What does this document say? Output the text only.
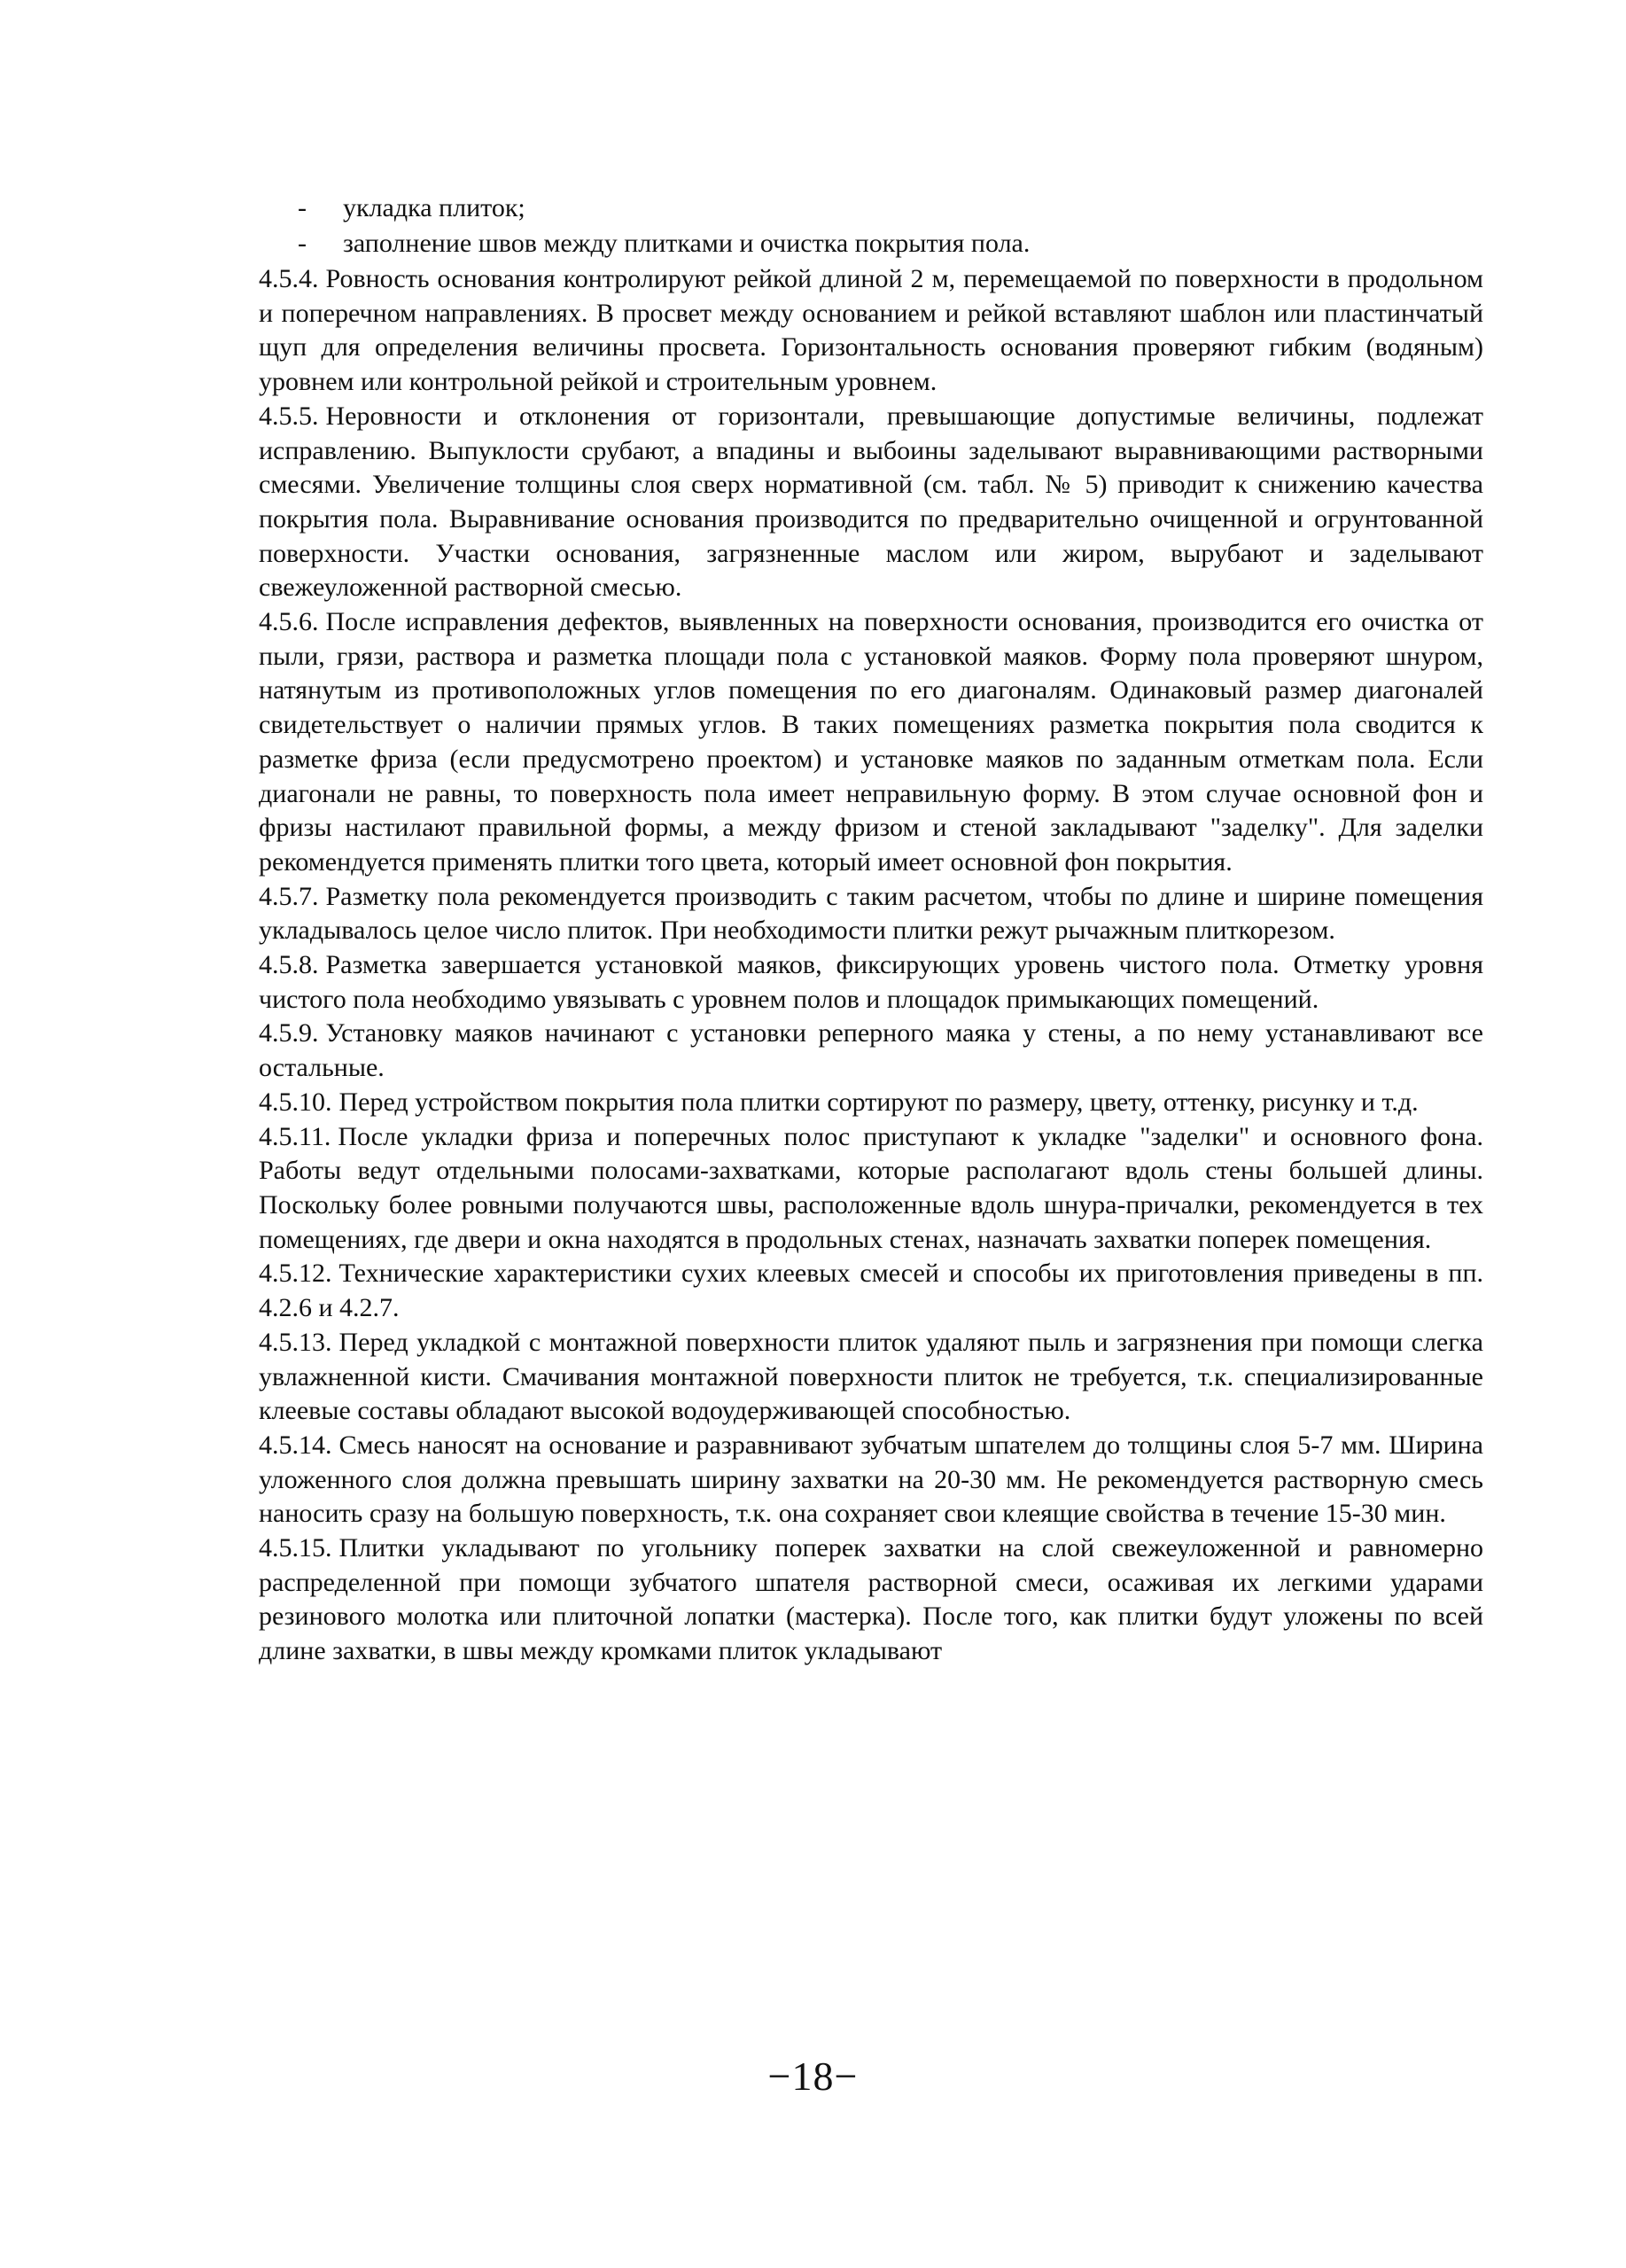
- укладка плиток;
- заполнение швов между плитками и очистка покрытия пола.

4.5.4. Ровность основания контролируют рейкой длиной 2 м, перемещаемой по поверхности в продольном и поперечном направлениях. В просвет между основанием и рейкой вставляют шаблон или пластинчатый щуп для определения величины просвета. Горизонтальность основания проверяют гибким (водяным) уровнем или контрольной рейкой и строительным уровнем.

4.5.5. Неровности и отклонения от горизонтали, превышающие допустимые величины, подлежат исправлению. Выпуклости срубают, а впадины и выбоины заделывают выравнивающими растворными смесями. Увеличение толщины слоя сверх нормативной (см. табл. № 5) приводит к снижению качества покрытия пола. Выравнивание основания производится по предварительно очищенной и огрунтованной поверхности. Участки основания, загрязненные маслом или жиром, вырубают и заделывают свежеуложенной растворной смесью.

4.5.6. После исправления дефектов, выявленных на поверхности основания, производится его очистка от пыли, грязи, раствора и разметка площади пола с установкой маяков. Форму пола проверяют шнуром, натянутым из противоположных углов помещения по его диагоналям. Одинаковый размер диагоналей свидетельствует о наличии прямых углов. В таких помещениях разметка покрытия пола сводится к разметке фриза (если предусмотрено проектом) и установке маяков по заданным отметкам пола. Если диагонали не равны, то поверхность пола имеет неправильную форму. В этом случае основной фон и фризы настилают правильной формы, а между фризом и стеной закладывают "заделку". Для заделки рекомендуется применять плитки того цвета, который имеет основной фон покрытия.

4.5.7. Разметку пола рекомендуется производить с таким расчетом, чтобы по длине и ширине помещения укладывалось целое число плиток. При необходимости плитки режут рычажным плиткорезом.

4.5.8. Разметка завершается установкой маяков, фиксирующих уровень чистого пола. Отметку уровня чистого пола необходимо увязывать с уровнем полов и площадок примыкающих помещений.

4.5.9. Установку маяков начинают с установки реперного маяка у стены, а по нему устанавливают все остальные.

4.5.10. Перед устройством покрытия пола плитки сортируют по размеру, цвету, оттенку, рисунку и т.д.

4.5.11. После укладки фриза и поперечных полос приступают к укладке "заделки" и основного фона. Работы ведут отдельными полосами-захватками, которые располагают вдоль стены большей длины. Поскольку более ровными получаются швы, расположенные вдоль шнура-причалки, рекомендуется в тех помещениях, где двери и окна находятся в продольных стенах, назначать захватки поперек помещения.

4.5.12. Технические характеристики сухих клеевых смесей и способы их приготовления приведены в пп. 4.2.6 и 4.2.7.

4.5.13. Перед укладкой с монтажной поверхности плиток удаляют пыль и загрязнения при помощи слегка увлажненной кисти. Смачивания монтажной поверхности плиток не требуется, т.к. специализированные клеевые составы обладают высокой водоудерживающей способностью.

4.5.14. Смесь наносят на основание и разравнивают зубчатым шпателем до толщины слоя 5-7 мм. Ширина уложенного слоя должна превышать ширину захватки на 20-30 мм. Не рекомендуется растворную смесь наносить сразу на большую поверхность, т.к. она сохраняет свои клеящие свойства в течение 15-30 мин.

4.5.15. Плитки укладывают по угольнику поперек захватки на слой свежеуложенной и равномерно распределенной при помощи зубчатого шпателя растворной смеси, осаживая их легкими ударами резинового молотка или плиточной лопатки (мастерка). После того, как плитки будут уложены по всей длине захватки, в швы между кромками плиток укладывают

−18−
